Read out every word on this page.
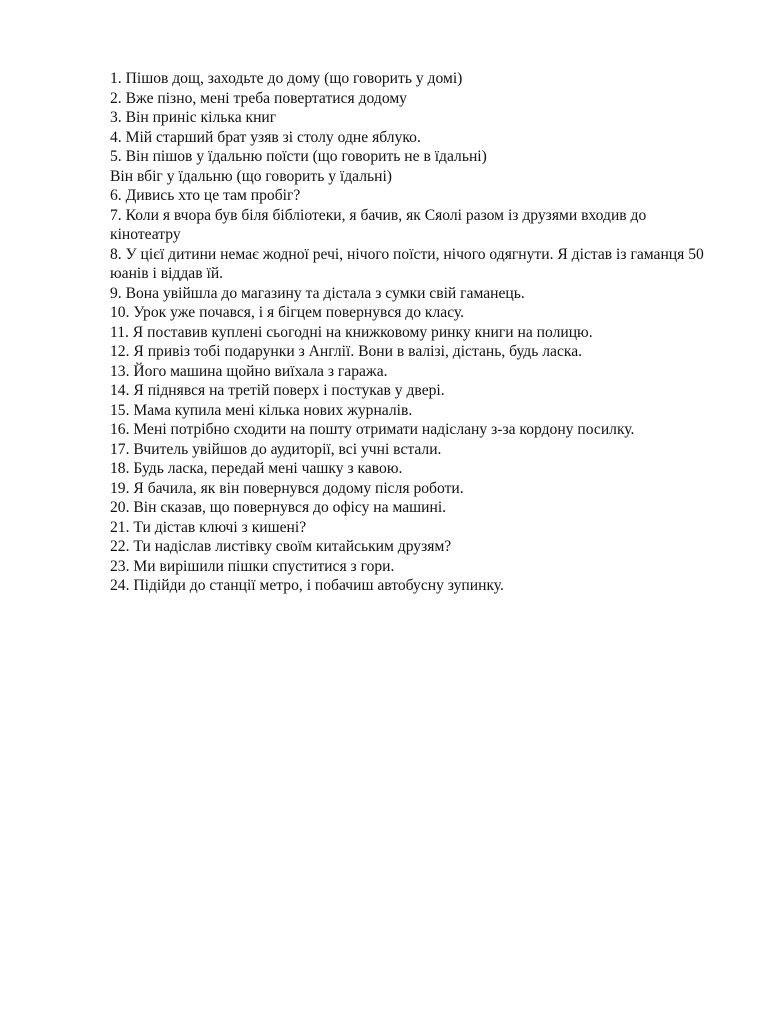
1. Пішов дощ, заходьте до дому (що говорить у домі)

2. Вже пізно, мені треба повертатися додому

3. Він приніс кілька книг

4. Мій старший брат узяв зі столу одне яблуко.

5. Він пішов у їдальню поїсти (що говорить не в їдальні)

Він вбіг у їдальню (що говорить у їдальні)

6. Дивись хто це там пробіг?

7. Коли я вчора був біля бібліотеки, я бачив, як Сяолі разом із друзями входив до кінотеатру

8. У цієї дитини немає жодної речі, нічого поїсти, нічого одягнути. Я дістав із гаманця 50 юанів і віддав їй.

9. Вона увійшла до магазину та дістала з сумки свій гаманець.

10. Урок уже почався, і я бігцем повернувся до класу.

11. Я поставив куплені сьогодні на книжковому ринку книги на полицю.

12. Я привіз тобі подарунки з Англії. Вони в валізі, дістань, будь ласка.

13. Його машина щойно виїхала з гаража.

14. Я піднявся на третій поверх і постукав у двері.

15. Мама купила мені кілька нових журналів.

16. Мені потрібно сходити на пошту отримати надіслану з-за кордону посилку.

17. Вчитель увійшов до аудиторії, всі учні встали.

18. Будь ласка, передай мені чашку з кавою.

19. Я бачила, як він повернувся додому після роботи.

20. Він сказав, що повернувся до офісу на машині.

21. Ти дістав ключі з кишені?

22. Ти надіслав листівку своїм китайським друзям?

23. Ми вирішили пішки спуститися з гори.

24. Підійди до станції метро, і побачиш автобусну зупинку.
